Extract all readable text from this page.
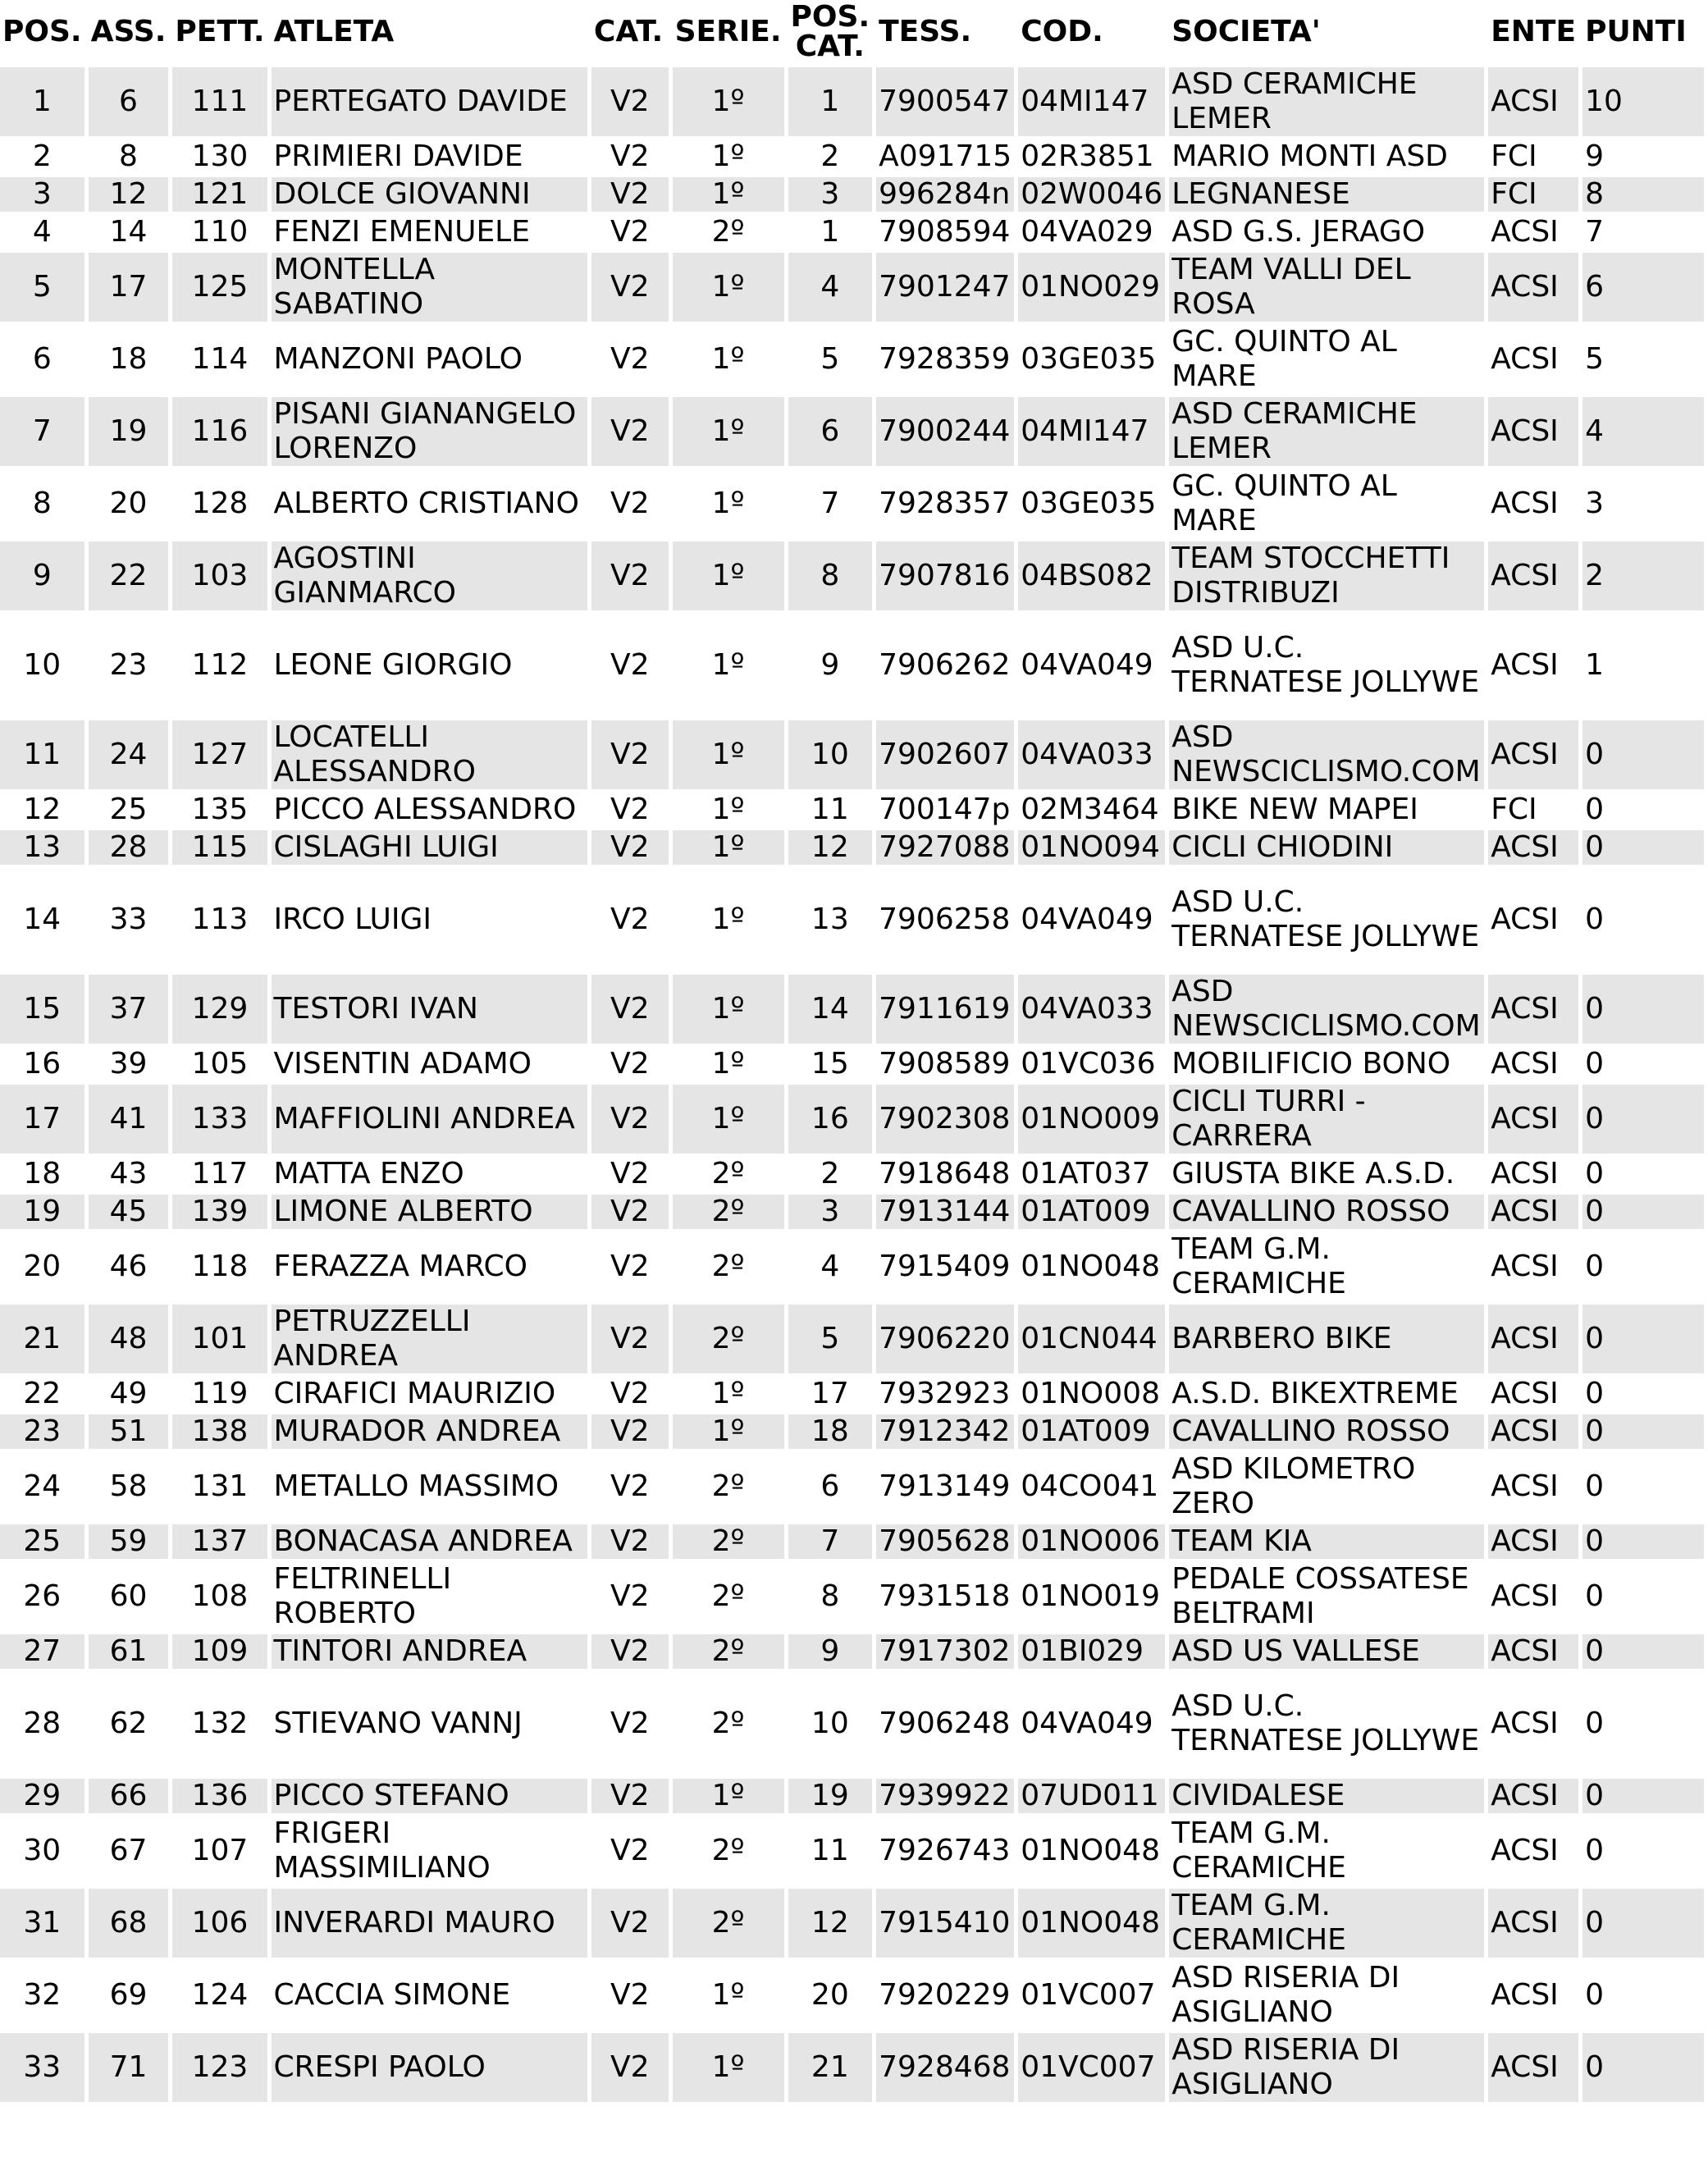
POS.	ASS.	PETT.	ATLETA	CAT.	SERIE.	POS. CAT.	TESS.	COD.	SOCIETA'	ENTE	PUNTI
1	6	111	PERTEGATO DAVIDE	V2	1º	1	7900547	04MI147	ASD CERAMICHE LEMER	ACSI	10
2	8	130	PRIMIERI DAVIDE	V2	1º	2	A091715	02R3851	MARIO MONTI ASD	FCI	9
3	12	121	DOLCE GIOVANNI	V2	1º	3	996284n	02W0046	LEGNANESE	FCI	8
4	14	110	FENZI EMENUELE	V2	2º	1	7908594	04VA029	ASD G.S. JERAGO	ACSI	7
5	17	125	MONTELLA SABATINO	V2	1º	4	7901247	01NO029	TEAM VALLI DEL ROSA	ACSI	6
6	18	114	MANZONI PAOLO	V2	1º	5	7928359	03GE035	GC. QUINTO AL MARE	ACSI	5
7	19	116	PISANI GIANANGELO LORENZO	V2	1º	6	7900244	04MI147	ASD CERAMICHE LEMER	ACSI	4
8	20	128	ALBERTO CRISTIANO	V2	1º	7	7928357	03GE035	GC. QUINTO AL MARE	ACSI	3
9	22	103	AGOSTINI GIANMARCO	V2	1º	8	7907816	04BS082	TEAM STOCCHETTI DISTRIBUZI	ACSI	2
10	23	112	LEONE GIORGIO	V2	1º	9	7906262	04VA049	ASD U.C. TERNATESE JOLLYWE	ACSI	1
11	24	127	LOCATELLI ALESSANDRO	V2	1º	10	7902607	04VA033	ASD NEWSCICLISMO.COM	ACSI	0
12	25	135	PICCO ALESSANDRO	V2	1º	11	700147p	02M3464	BIKE NEW MAPEI	FCI	0
13	28	115	CISLAGHI LUIGI	V2	1º	12	7927088	01NO094	CICLI CHIODINI	ACSI	0
14	33	113	IRCO LUIGI	V2	1º	13	7906258	04VA049	ASD U.C. TERNATESE JOLLYWE	ACSI	0
15	37	129	TESTORI IVAN	V2	1º	14	7911619	04VA033	ASD NEWSCICLISMO.COM	ACSI	0
16	39	105	VISENTIN ADAMO	V2	1º	15	7908589	01VC036	MOBILIFICIO BONO	ACSI	0
17	41	133	MAFFIOLINI ANDREA	V2	1º	16	7902308	01NO009	CICLI TURRI - CARRERA	ACSI	0
18	43	117	MATTA ENZO	V2	2º	2	7918648	01AT037	GIUSTA BIKE A.S.D.	ACSI	0
19	45	139	LIMONE ALBERTO	V2	2º	3	7913144	01AT009	CAVALLINO ROSSO	ACSI	0
20	46	118	FERAZZA MARCO	V2	2º	4	7915409	01NO048	TEAM G.M. CERAMICHE	ACSI	0
21	48	101	PETRUZZELLI ANDREA	V2	2º	5	7906220	01CN044	BARBERO BIKE	ACSI	0
22	49	119	CIRAFICI MAURIZIO	V2	1º	17	7932923	01NO008	A.S.D. BIKEXTREME	ACSI	0
23	51	138	MURADOR ANDREA	V2	1º	18	7912342	01AT009	CAVALLINO ROSSO	ACSI	0
24	58	131	METALLO MASSIMO	V2	2º	6	7913149	04CO041	ASD KILOMETRO ZERO	ACSI	0
25	59	137	BONACASA ANDREA	V2	2º	7	7905628	01NO006	TEAM KIA	ACSI	0
26	60	108	FELTRINELLI ROBERTO	V2	2º	8	7931518	01NO019	PEDALE COSSATESE BELTRAMI	ACSI	0
27	61	109	TINTORI ANDREA	V2	2º	9	7917302	01BI029	ASD US VALLESE	ACSI	0
28	62	132	STIEVANO VANNJ	V2	2º	10	7906248	04VA049	ASD U.C. TERNATESE JOLLYWE	ACSI	0
29	66	136	PICCO STEFANO	V2	1º	19	7939922	07UD011	CIVIDALESE	ACSI	0
30	67	107	FRIGERI MASSIMILIANO	V2	2º	11	7926743	01NO048	TEAM G.M. CERAMICHE	ACSI	0
31	68	106	INVERARDI MAURO	V2	2º	12	7915410	01NO048	TEAM G.M. CERAMICHE	ACSI	0
32	69	124	CACCIA SIMONE	V2	1º	20	7920229	01VC007	ASD RISERIA DI ASIGLIANO	ACSI	0
33	71	123	CRESPI PAOLO	V2	1º	21	7928468	01VC007	ASD RISERIA DI ASIGLIANO	ACSI	0
